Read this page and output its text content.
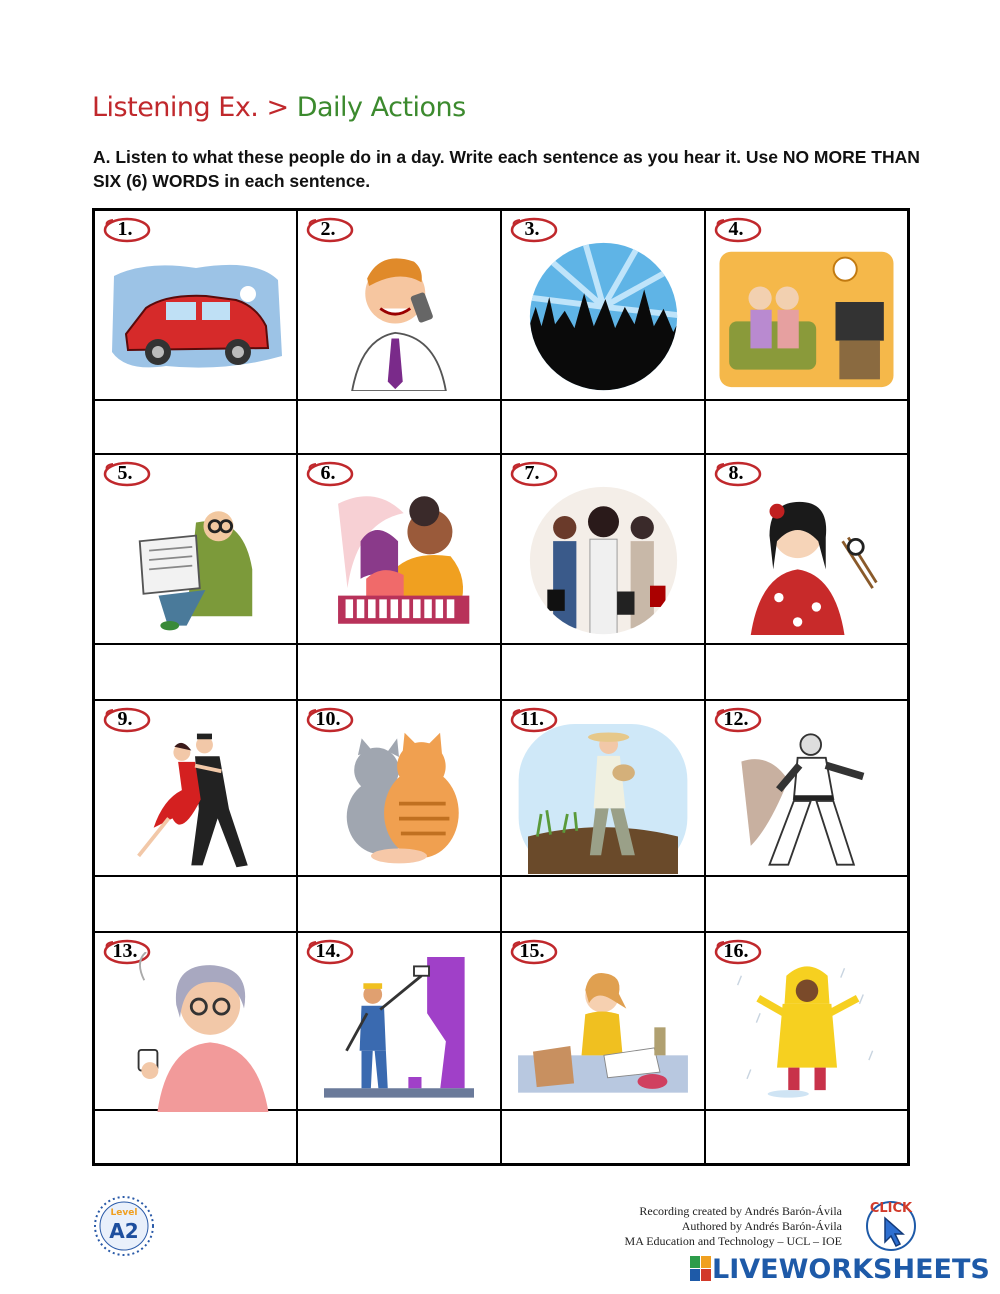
Listening Ex. > Daily Actions
A. Listen to what these people do in a day. Write each sentence as you hear it. Use NO MORE THAN SIX (6) WORDS in each sentence.
1.	2.	3.	4.
5.	6.	7.	8.
9.	10.	11.	12.
13.	14.	15.	16.
Level
A2
Recording created by Andrés Barón-Ávila
Authored by Andrés Barón-Ávila
MA Education and Technology – UCL – IOE
CLICK
LIVEWORKSHEETS
